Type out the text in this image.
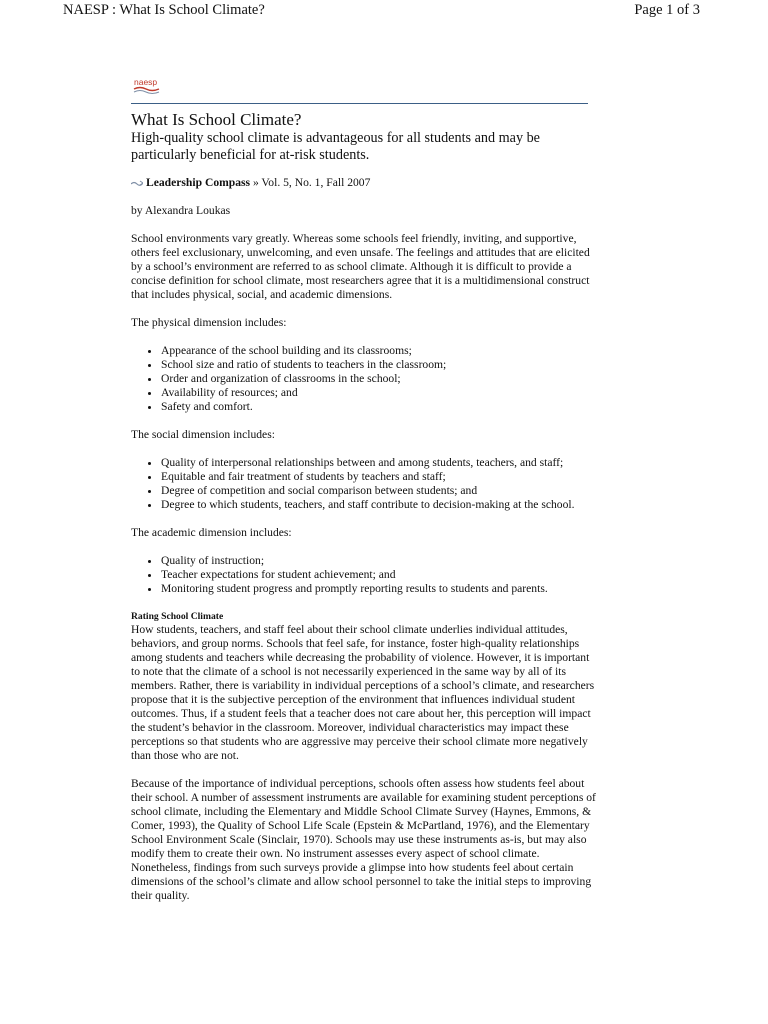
NAESP : What Is School Climate?	Page 1 of 3
naesp
What Is School Climate?
High-quality school climate is advantageous for all students and may be particularly beneficial for at-risk students.
Leadership Compass » Vol. 5, No. 1, Fall 2007

by Alexandra Loukas

School environments vary greatly. Whereas some schools feel friendly, inviting, and supportive, others feel exclusionary, unwelcoming, and even unsafe. The feelings and attitudes that are elicited by a school’s environment are referred to as school climate. Although it is difficult to provide a concise definition for school climate, most researchers agree that it is a multidimensional construct that includes physical, social, and academic dimensions.

The physical dimension includes:

• Appearance of the school building and its classrooms;
• School size and ratio of students to teachers in the classroom;
• Order and organization of classrooms in the school;
• Availability of resources; and
• Safety and comfort.

The social dimension includes:

• Quality of interpersonal relationships between and among students, teachers, and staff;
• Equitable and fair treatment of students by teachers and staff;
• Degree of competition and social comparison between students; and
• Degree to which students, teachers, and staff contribute to decision-making at the school.

The academic dimension includes:

• Quality of instruction;
• Teacher expectations for student achievement; and
• Monitoring student progress and promptly reporting results to students and parents.
Rating School Climate

How students, teachers, and staff feel about their school climate underlies individual attitudes, behaviors, and group norms. Schools that feel safe, for instance, foster high-quality relationships among students and teachers while decreasing the probability of violence. However, it is important to note that the climate of a school is not necessarily experienced in the same way by all of its members. Rather, there is variability in individual perceptions of a school’s climate, and researchers propose that it is the subjective perception of the environment that influences individual student outcomes. Thus, if a student feels that a teacher does not care about her, this perception will impact the student’s behavior in the classroom. Moreover, individual characteristics may impact these perceptions so that students who are aggressive may perceive their school climate more negatively than those who are not.

Because of the importance of individual perceptions, schools often assess how students feel about their school. A number of assessment instruments are available for examining student perceptions of school climate, including the Elementary and Middle School Climate Survey (Haynes, Emmons, & Comer, 1993), the Quality of School Life Scale (Epstein & McPartland, 1976), and the Elementary School Environment Scale (Sinclair, 1970). Schools may use these instruments as-is, but may also modify them to create their own. No instrument assesses every aspect of school climate. Nonetheless, findings from such surveys provide a glimpse into how students feel about certain dimensions of the school’s climate and allow school personnel to take the initial steps to improving their quality.
